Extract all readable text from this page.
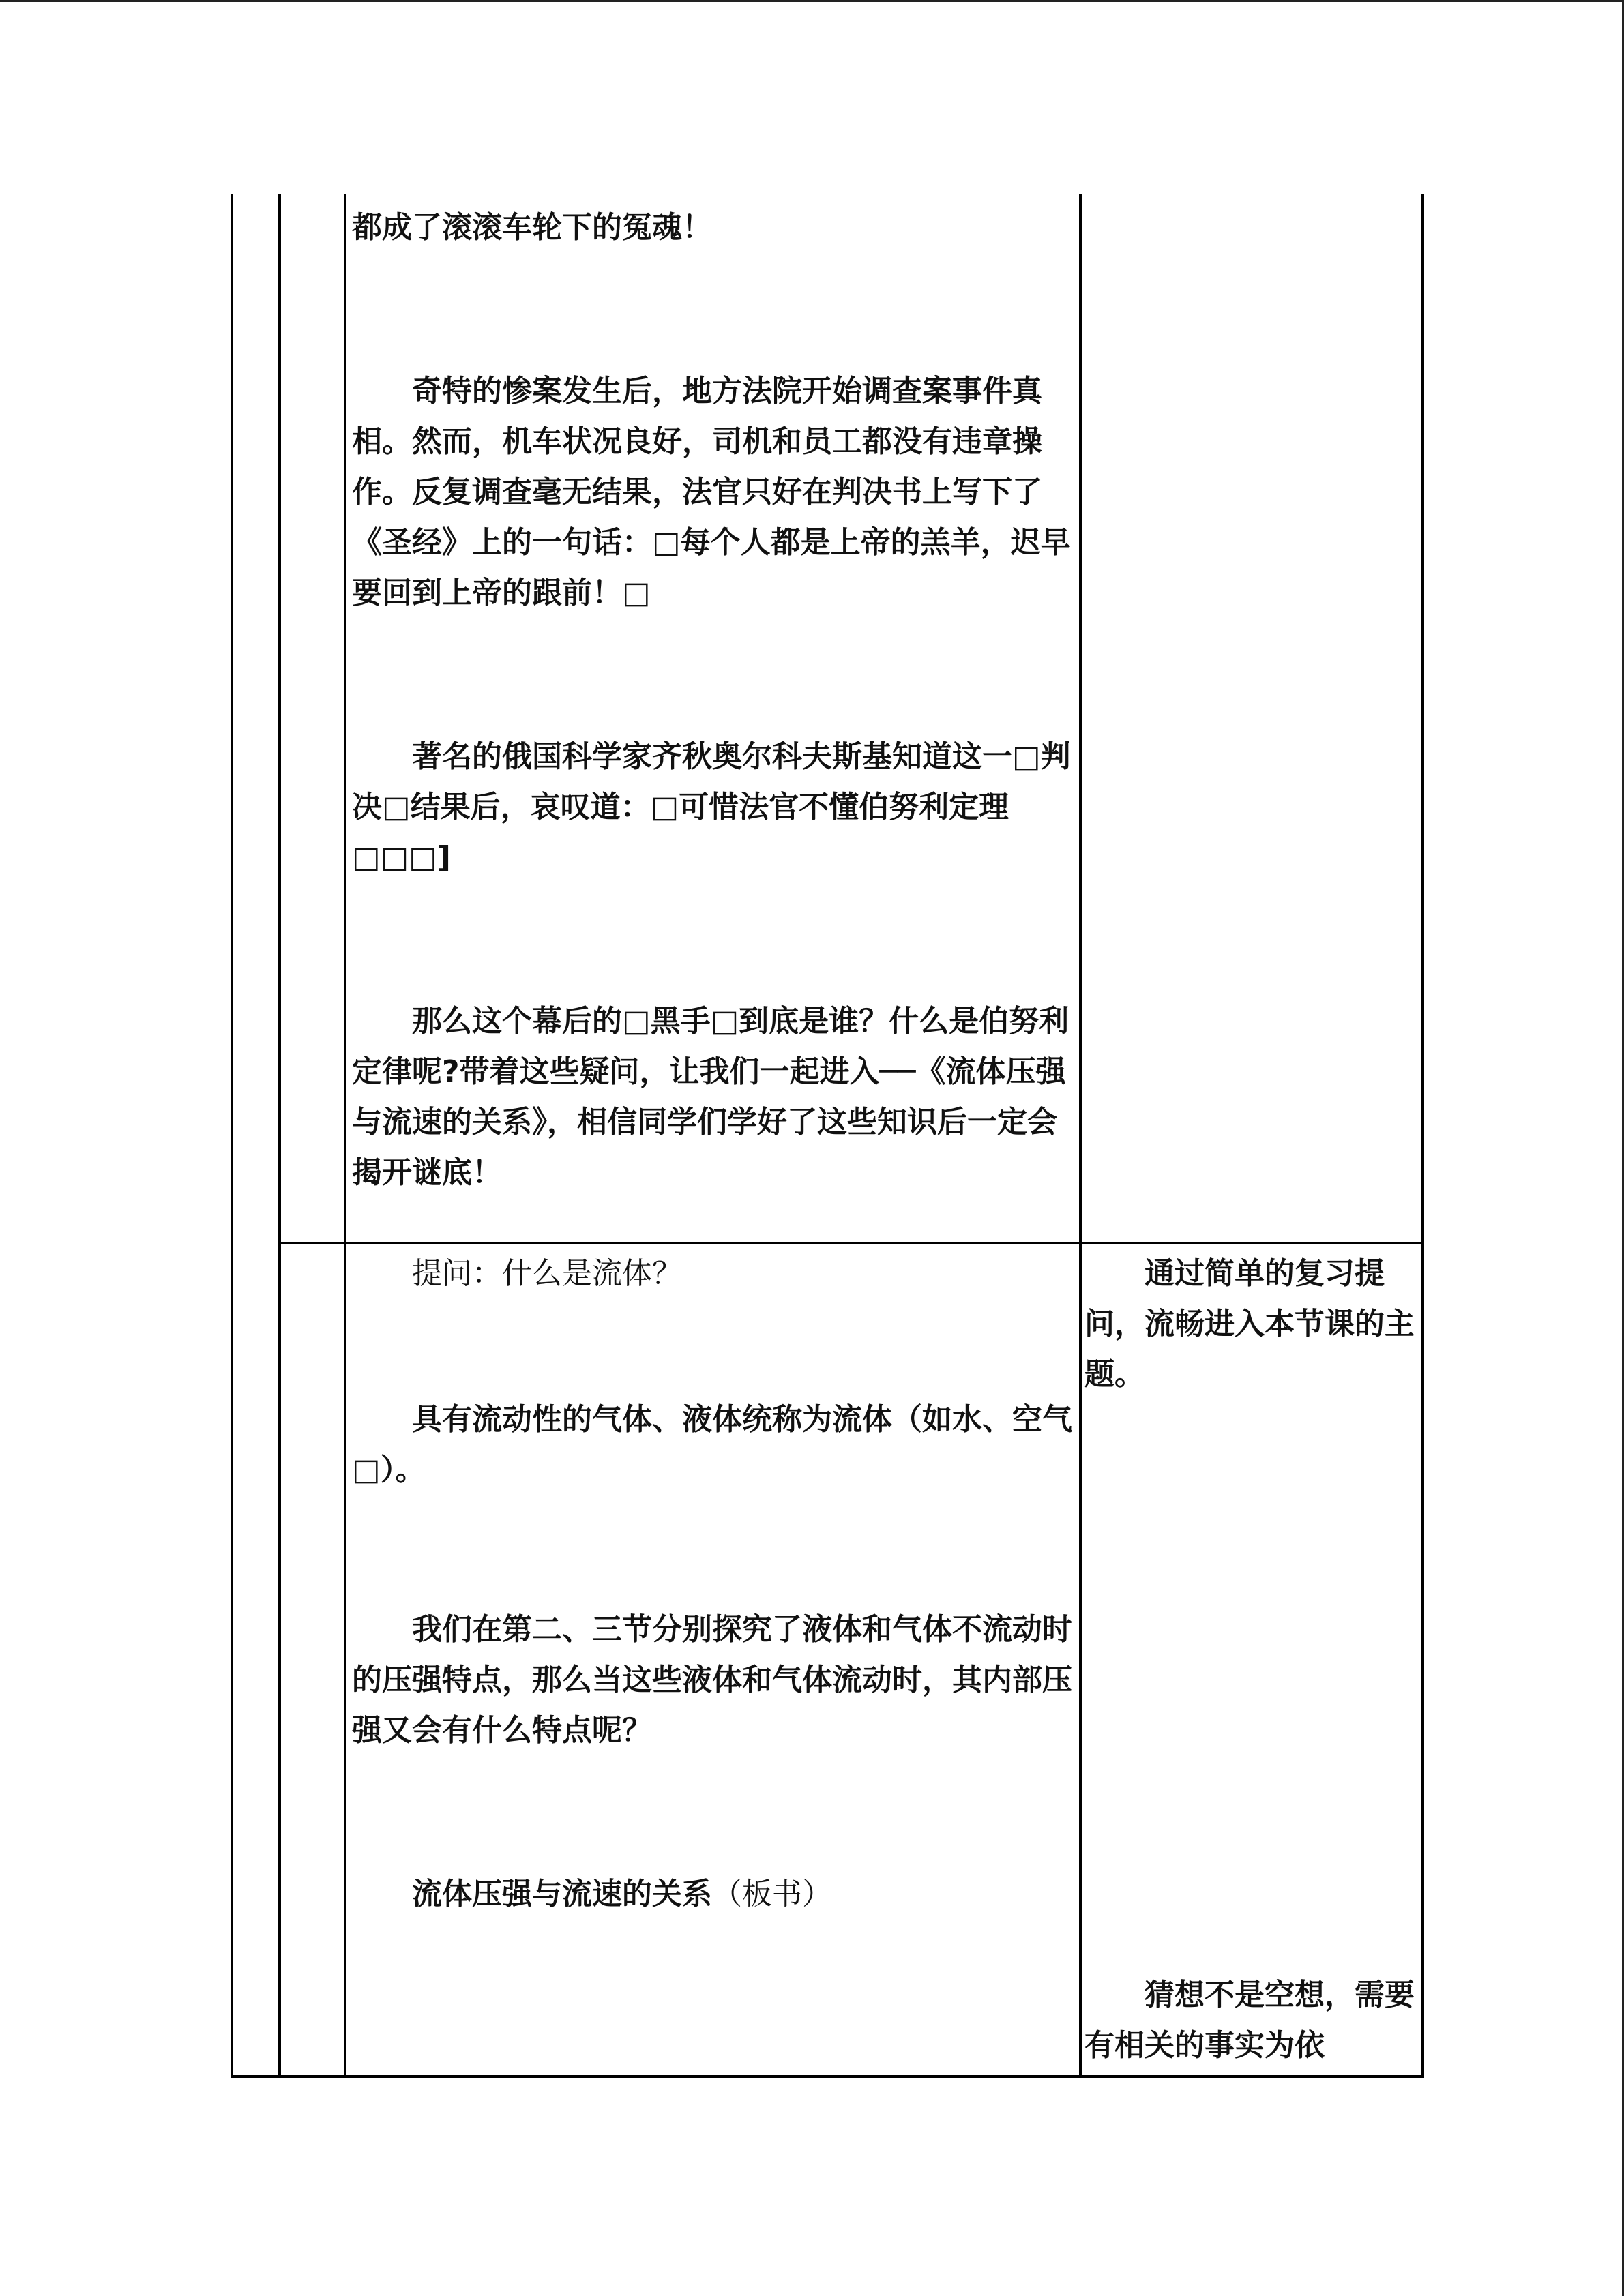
都成了滚滚车轮下的冤魂！

奇特的惨案发生后，地方法院开始调查案事件真相。然而，机车状况良好，司机和员工都没有违章操作。反复调查毫无结果，法官只好在判决书上写下了《圣经》上的一句话：□每个人都是上帝的羔羊，迟早要回到上帝的跟前！□

著名的俄国科学家齐秋奥尔科夫斯基知道这一□判决□结果后，哀叹道：□可惜法官不懂伯努利定理□□□]

那么这个幕后的□黑手□到底是谁？什么是伯努利定律呢?带着这些疑问，让我们一起进入──《流体压强与流速的关系》，相信同学们学好了这些知识后一定会揭开谜底！

提问：什么是流体？

具有流动性的气体、液体统称为流体（如水、空气□）。

我们在第二、三节分别探究了液体和气体不流动时的压强特点，那么当这些液体和气体流动时，其内部压强又会有什么特点呢？

流体压强与流速的关系（板书）

通过简单的复习提问，流畅进入本节课的主题。

猜想不是空想，需要有相关的事实为依
